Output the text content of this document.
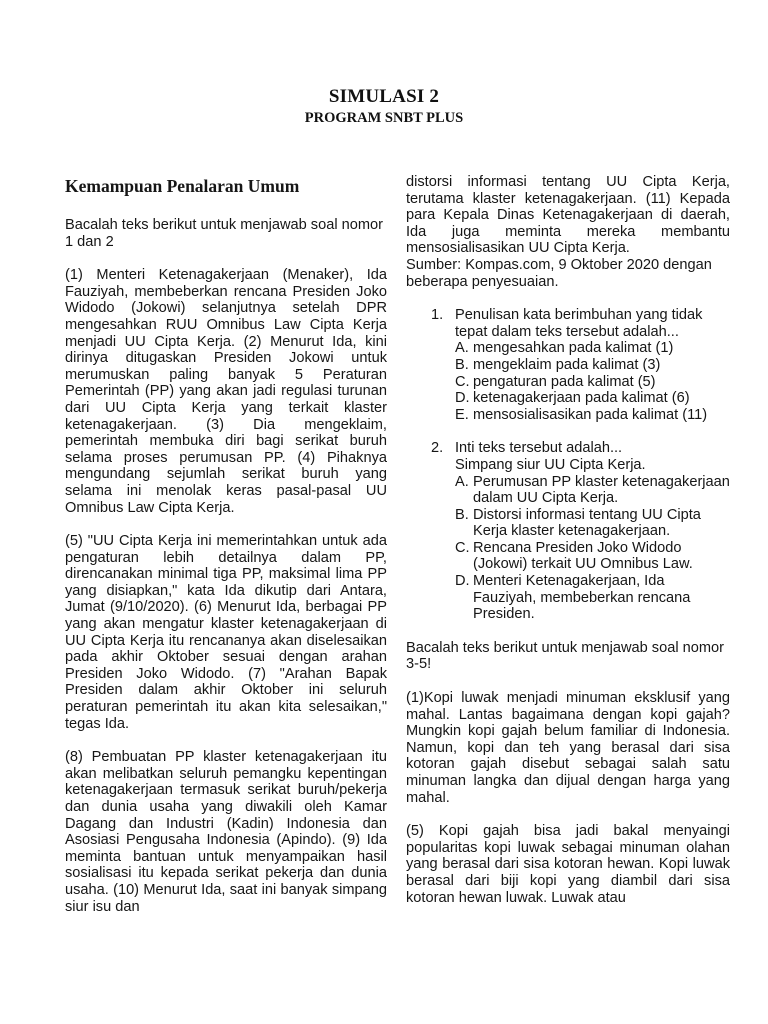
SIMULASI 2
PROGRAM SNBT PLUS
Kemampuan Penalaran Umum

Bacalah teks berikut untuk menjawab soal nomor 1 dan 2

(1) Menteri Ketenagakerjaan (Menaker), Ida Fauziyah, membeberkan rencana Presiden Joko Widodo (Jokowi) selanjutnya setelah DPR mengesahkan RUU Omnibus Law Cipta Kerja menjadi UU Cipta Kerja. (2) Menurut Ida, kini dirinya ditugaskan Presiden Jokowi untuk merumuskan paling banyak 5 Peraturan Pemerintah (PP) yang akan jadi regulasi turunan dari UU Cipta Kerja yang terkait klaster ketenagakerjaan. (3) Dia mengeklaim, pemerintah membuka diri bagi serikat buruh selama proses perumusan PP. (4) Pihaknya mengundang sejumlah serikat buruh yang selama ini menolak keras pasal-pasal UU Omnibus Law Cipta Kerja.

(5) "UU Cipta Kerja ini memerintahkan untuk ada pengaturan lebih detailnya dalam PP, direncanakan minimal tiga PP, maksimal lima PP yang disiapkan," kata Ida dikutip dari Antara, Jumat (9/10/2020). (6) Menurut Ida, berbagai PP yang akan mengatur klaster ketenagakerjaan di UU Cipta Kerja itu rencananya akan diselesaikan pada akhir Oktober sesuai dengan arahan Presiden Joko Widodo. (7) "Arahan Bapak Presiden dalam akhir Oktober ini seluruh peraturan pemerintah itu akan kita selesaikan," tegas Ida.

(8) Pembuatan PP klaster ketenagakerjaan itu akan melibatkan seluruh pemangku kepentingan ketenagakerjaan termasuk serikat buruh/pekerja dan dunia usaha yang diwakili oleh Kamar Dagang dan Industri (Kadin) Indonesia dan Asosiasi Pengusaha Indonesia (Apindo). (9) Ida meminta bantuan untuk menyampaikan hasil sosialisasi itu kepada serikat pekerja dan dunia usaha. (10) Menurut Ida, saat ini banyak simpang siur isu dan

distorsi informasi tentang UU Cipta Kerja, terutama klaster ketenagakerjaan. (11) Kepada para Kepala Dinas Ketenagakerjaan di daerah, Ida juga meminta mereka membantu mensosialisasikan UU Cipta Kerja.

Sumber: Kompas.com, 9 Oktober 2020 dengan beberapa penyesuaian.

1. Penulisan kata berimbuhan yang tidak tepat dalam teks tersebut adalah...

A. mengesahkan pada kalimat (1)
B. mengeklaim pada kalimat (3)
C. pengaturan pada kalimat (5)
D. ketenagakerjaan pada kalimat (6)
E. mensosialisasikan pada kalimat (11)
2. Inti teks tersebut adalah...
Simpang siur UU Cipta Kerja.

A. Perumusan PP klaster ketenagakerjaan dalam UU Cipta Kerja.
B. Distorsi informasi tentang UU Cipta Kerja klaster ketenagakerjaan.
C. Rencana Presiden Joko Widodo (Jokowi) terkait UU Omnibus Law.
D. Menteri Ketenagakerjaan, Ida Fauziyah, membeberkan rencana Presiden.

Bacalah teks berikut untuk menjawab soal nomor 3-5!

(1)Kopi luwak menjadi minuman eksklusif yang mahal. Lantas bagaimana dengan kopi gajah? Mungkin kopi gajah belum familiar di Indonesia. Namun, kopi dan teh yang berasal dari sisa kotoran gajah disebut sebagai salah satu minuman langka dan dijual dengan harga yang mahal.

(5) Kopi gajah bisa jadi bakal menyaingi popularitas kopi luwak sebagai minuman olahan yang berasal dari sisa kotoran hewan. Kopi luwak berasal dari biji kopi yang diambil dari sisa kotoran hewan luwak. Luwak atau
